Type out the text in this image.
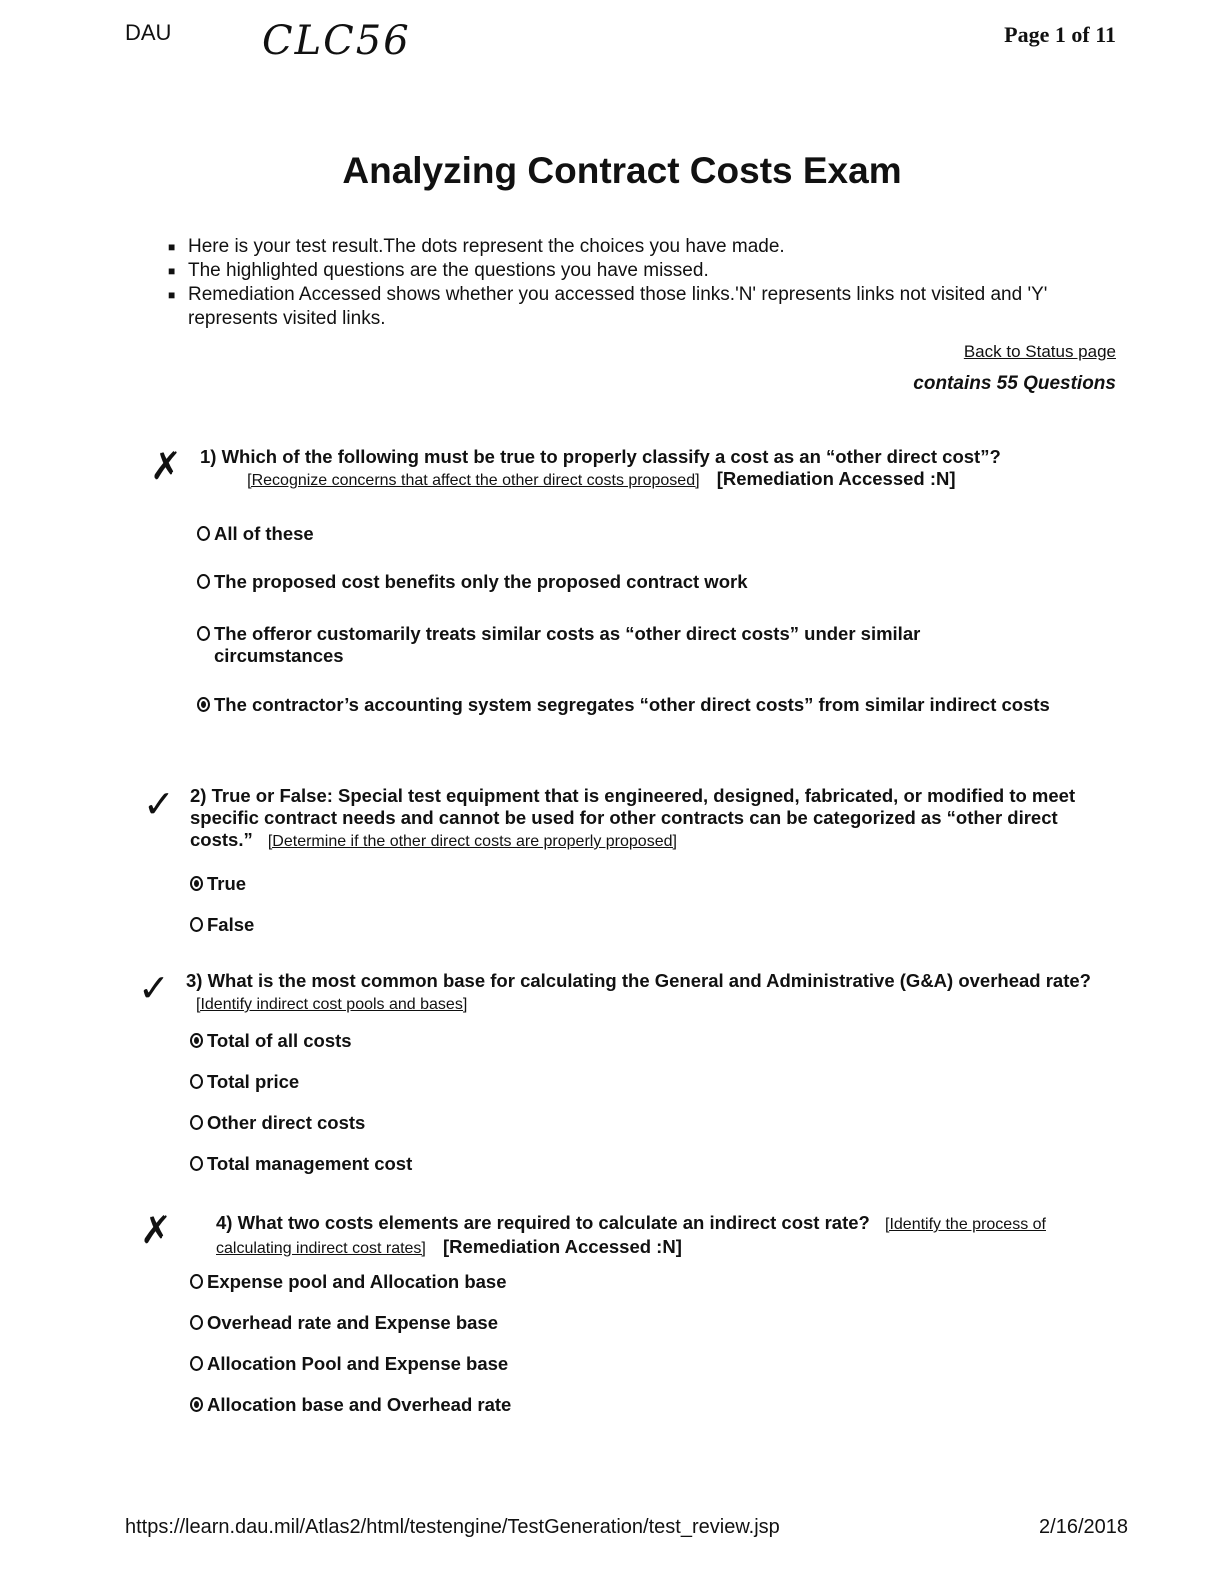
DAU CLC56	Page 1 of 11
Analyzing Contract Costs Exam
■ Here is your test result.The dots represent the choices you have made.
■ The highlighted questions are the questions you have missed.
■ Remediation Accessed shows whether you accessed those links.'N' represents links not visited and 'Y' represents visited links.
Back to Status page
contains 55 Questions
✗ 1) Which of the following must be true to properly classify a cost as an “other direct cost”?
[Recognize concerns that affect the other direct costs proposed] [Remediation Accessed :N]
All of these
The proposed cost benefits only the proposed contract work
The offeror customarily treats similar costs as “other direct costs” under similar circumstances
The contractor’s accounting system segregates “other direct costs” from similar indirect costs
✓ 2) True or False: Special test equipment that is engineered, designed, fabricated, or modified to meet specific contract needs and cannot be used for other contracts can be categorized as “other direct costs.” [Determine if the other direct costs are properly proposed]
True
False
✓ 3) What is the most common base for calculating the General and Administrative (G&A) overhead rate? [Identify indirect cost pools and bases]
Total of all costs
Total price
Other direct costs
Total management cost
✗ 4) What two costs elements are required to calculate an indirect cost rate? [Identify the process of calculating indirect cost rates] [Remediation Accessed :N]
Expense pool and Allocation base
Overhead rate and Expense base
Allocation Pool and Expense base
Allocation base and Overhead rate
https://learn.dau.mil/Atlas2/html/testengine/TestGeneration/test_review.jsp	2/16/2018
